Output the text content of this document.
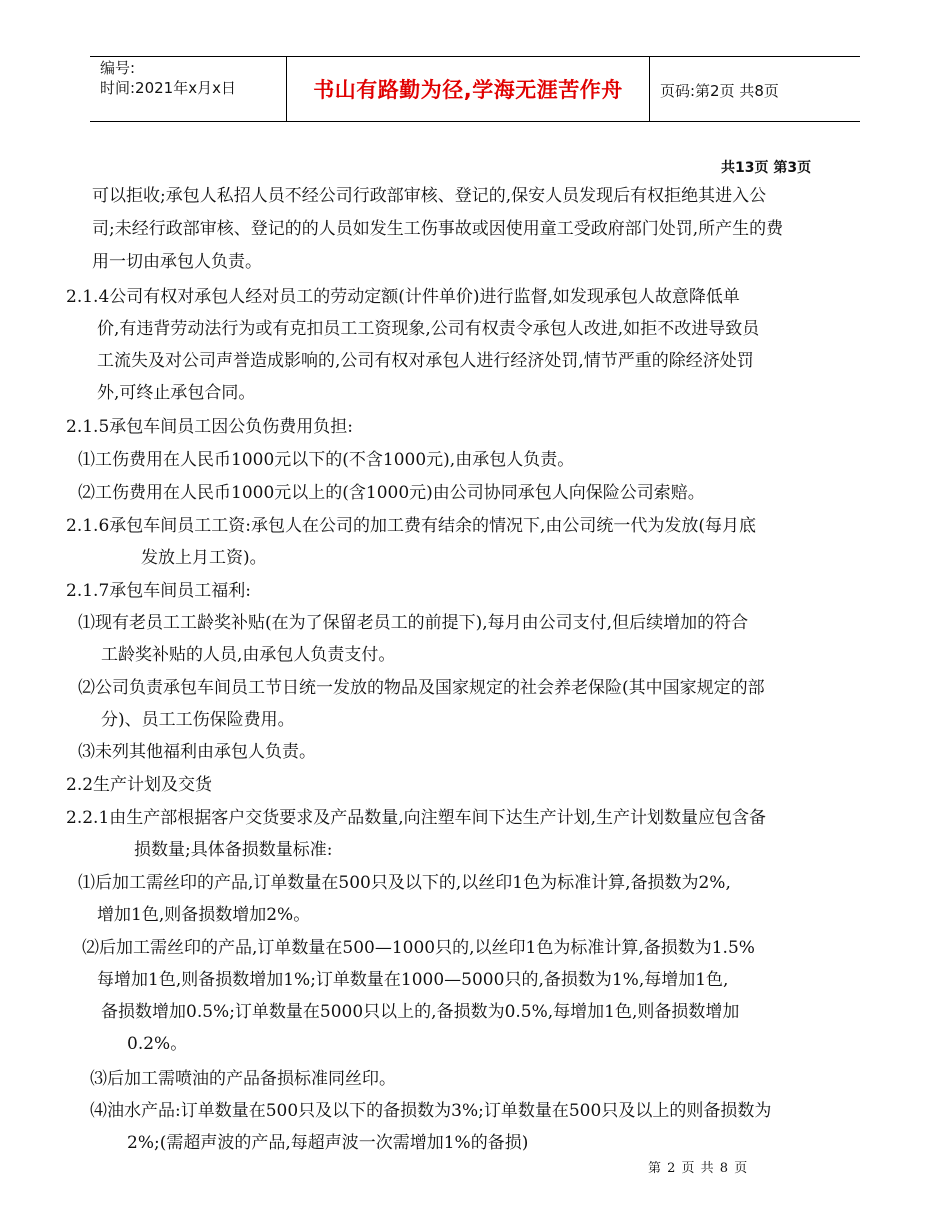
编号:
时间:2021年x月x日	书山有路勤为径,学海无涯苦作舟	页码:第2页 共8页
共13页 第3页
可以拒收;承包人私招人员不经公司行政部审核、登记的,保安人员发现后有权拒绝其进入公
司;未经行政部审核、登记的的人员如发生工伤事故或因使用童工受政府部门处罚,所产生的费
用一切由承包人负责。
2.1.4公司有权对承包人经对员工的劳动定额(计件单价)进行监督,如发现承包人故意降低单
价,有违背劳动法行为或有克扣员工工资现象,公司有权责令承包人改进,如拒不改进导致员
工流失及对公司声誉造成影响的,公司有权对承包人进行经济处罚,情节严重的除经济处罚
外,可终止承包合同。
2.1.5承包车间员工因公负伤费用负担:
⑴工伤费用在人民币1000元以下的(不含1000元),由承包人负责。
⑵工伤费用在人民币1000元以上的(含1000元)由公司协同承包人向保险公司索赔。
2.1.6承包车间员工工资:承包人在公司的加工费有结余的情况下,由公司统一代为发放(每月底
发放上月工资)。
2.1.7承包车间员工福利:
⑴现有老员工工龄奖补贴(在为了保留老员工的前提下),每月由公司支付,但后续增加的符合
工龄奖补贴的人员,由承包人负责支付。
⑵公司负责承包车间员工节日统一发放的物品及国家规定的社会养老保险(其中国家规定的部
分)、员工工伤保险费用。
⑶未列其他福利由承包人负责。
2.2生产计划及交货
2.2.1由生产部根据客户交货要求及产品数量,向注塑车间下达生产计划,生产计划数量应包含备
损数量;具体备损数量标准:
⑴后加工需丝印的产品,订单数量在500只及以下的,以丝印1色为标准计算,备损数为2%,
增加1色,则备损数增加2%。
⑵后加工需丝印的产品,订单数量在500—1000只的,以丝印1色为标准计算,备损数为1.5%
每增加1色,则备损数增加1%;订单数量在1000—5000只的,备损数为1%,每增加1色,
备损数增加0.5%;订单数量在5000只以上的,备损数为0.5%,每增加1色,则备损数增加
0.2%。
⑶后加工需喷油的产品备损标准同丝印。
⑷油水产品:订单数量在500只及以下的备损数为3%;订单数量在500只及以上的则备损数为
2%;(需超声波的产品,每超声波一次需增加1%的备损)
第 2 页 共 8 页
